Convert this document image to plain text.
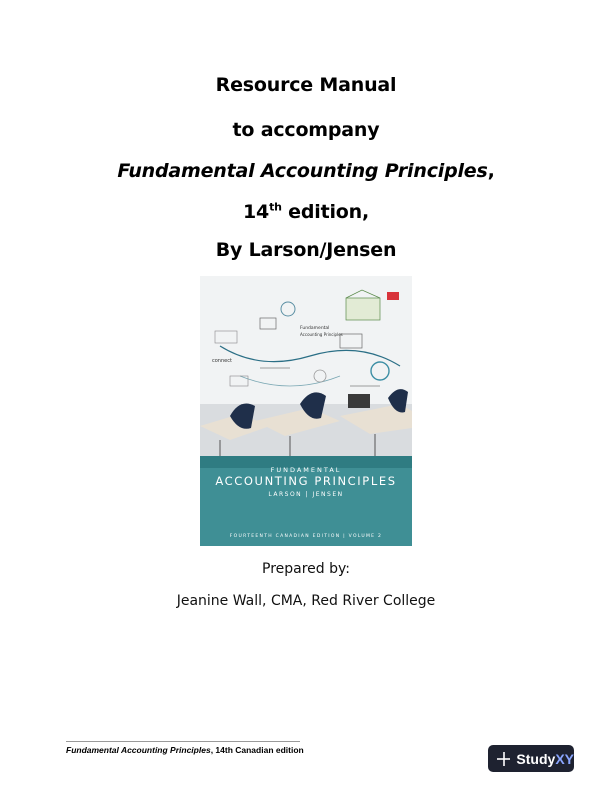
Resource Manual
to accompany
Fundamental Accounting Principles,
14th edition,
By Larson/Jensen
Fundamental
Accounting Principles
connect
FUNDAMENTAL
ACCOUNTING PRINCIPLES
LARSON | JENSEN
FOURTEENTH CANADIAN EDITION | VOLUME 2
Prepared by:
Jeanine Wall, CMA, Red River College
Fundamental Accounting Principles, 14th Canadian edition
StudyXY
